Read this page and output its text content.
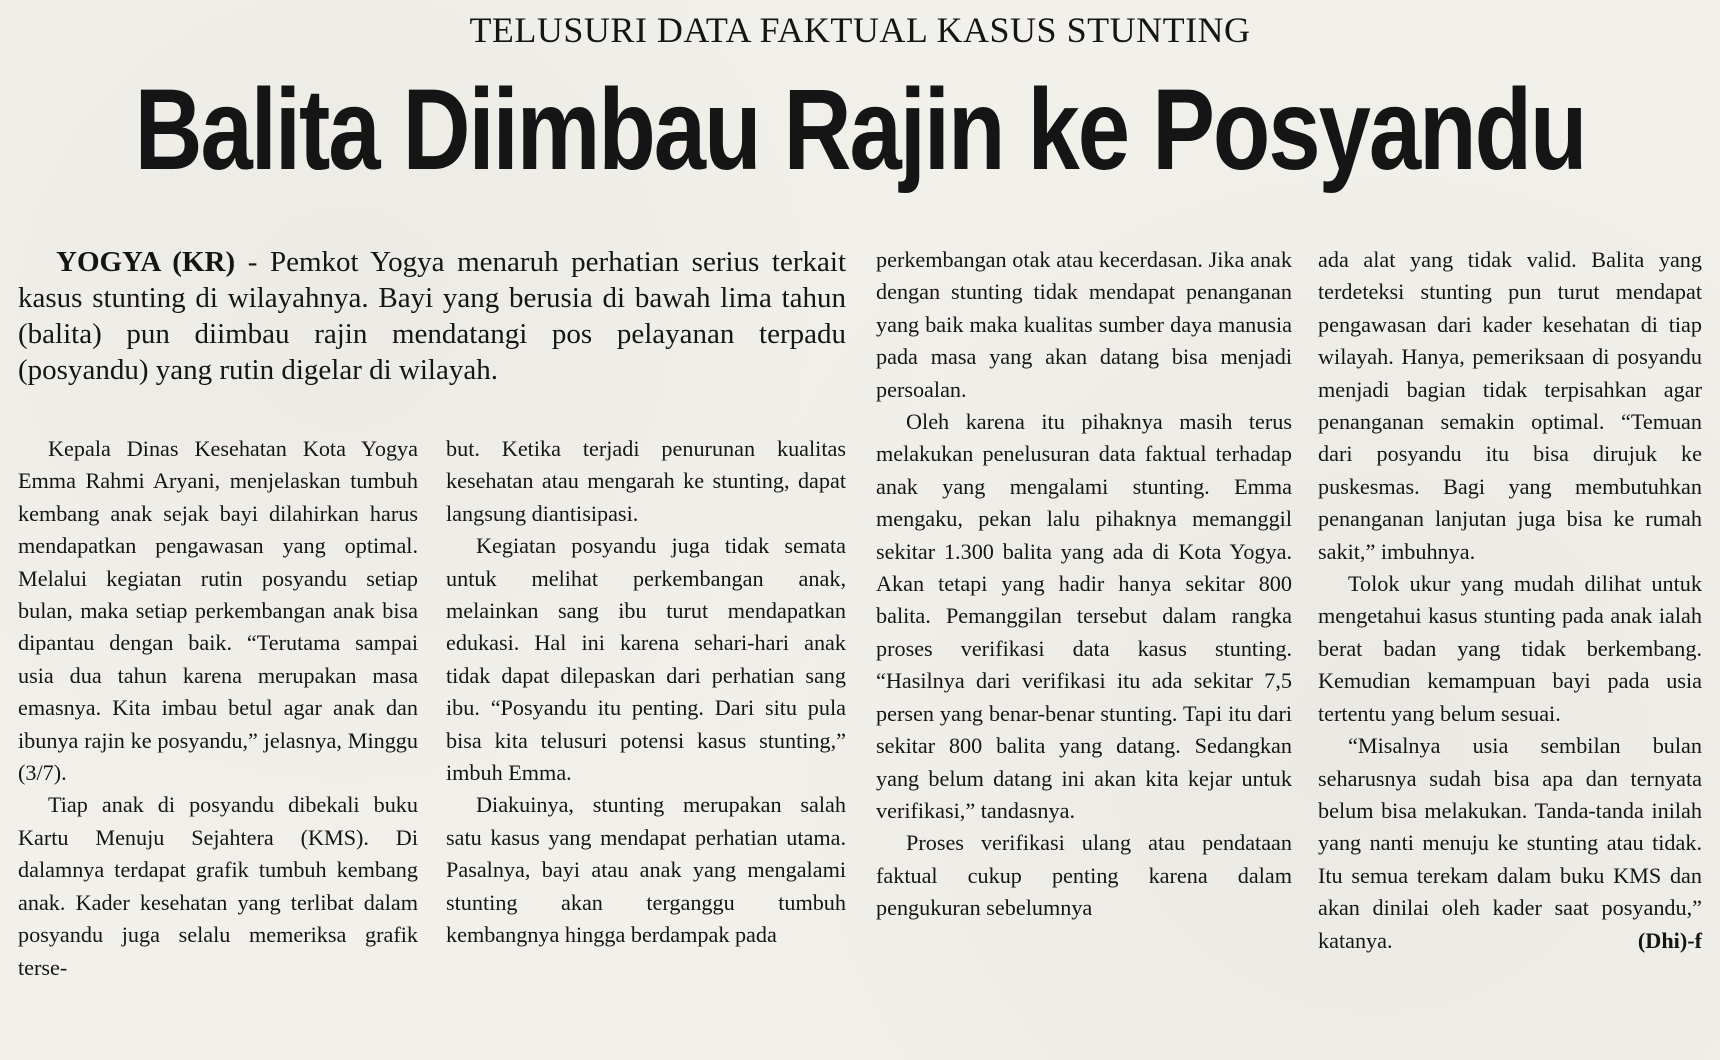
TELUSURI DATA FAKTUAL KASUS STUNTING
Balita Diimbau Rajin ke Posyandu

YOGYA (KR) - Pemkot Yogya menaruh perhatian serius terkait kasus stunting di wilayahnya. Bayi yang berusia di bawah lima tahun (balita) pun diimbau rajin mendatangi pos pelayanan terpadu (posyandu) yang rutin digelar di wilayah.

Kepala Dinas Kesehatan Kota Yogya Emma Rahmi Aryani, menjelaskan tumbuh kembang anak sejak bayi dilahirkan harus mendapatkan pengawasan yang optimal. Melalui kegiatan rutin posyandu setiap bulan, maka setiap perkembangan anak bisa dipantau dengan baik. “Terutama sampai usia dua tahun karena merupakan masa emasnya. Kita imbau betul agar anak dan ibunya rajin ke posyandu,” jelasnya, Minggu (3/7).

Tiap anak di posyandu dibekali buku Kartu Menuju Sejahtera (KMS). Di dalamnya terdapat grafik tumbuh kembang anak. Kader kesehatan yang terlibat dalam posyandu juga selalu memeriksa grafik terse-

but. Ketika terjadi penurunan kualitas kesehatan atau mengarah ke stunting, dapat langsung diantisipasi.

Kegiatan posyandu juga tidak semata untuk melihat perkembangan anak, melainkan sang ibu turut mendapatkan edukasi. Hal ini karena sehari-hari anak tidak dapat dilepaskan dari perhatian sang ibu. “Posyandu itu penting. Dari situ pula bisa kita telusuri potensi kasus stunting,” imbuh Emma.

Diakuinya, stunting merupakan salah satu kasus yang mendapat perhatian utama. Pasalnya, bayi atau anak yang mengalami stunting akan terganggu tumbuh kembangnya hingga berdampak pada

perkembangan otak atau kecerdasan. Jika anak dengan stunting tidak mendapat penanganan yang baik maka kualitas sumber daya manusia pada masa yang akan datang bisa menjadi persoalan.

Oleh karena itu pihaknya masih terus melakukan penelusuran data faktual terhadap anak yang mengalami stunting. Emma mengaku, pekan lalu pihaknya memanggil sekitar 1.300 balita yang ada di Kota Yogya. Akan tetapi yang hadir hanya sekitar 800 balita. Pemanggilan tersebut dalam rangka proses verifikasi data kasus stunting. “Hasilnya dari verifikasi itu ada sekitar 7,5 persen yang benar-benar stunting. Tapi itu dari sekitar 800 balita yang datang. Sedangkan yang belum datang ini akan kita kejar untuk verifikasi,” tandasnya.

Proses verifikasi ulang atau pendataan faktual cukup penting karena dalam pengukuran sebelumnya

ada alat yang tidak valid. Balita yang terdeteksi stunting pun turut mendapat pengawasan dari kader kesehatan di tiap wilayah. Hanya, pemeriksaan di posyandu menjadi bagian tidak terpisahkan agar penanganan semakin optimal. “Temuan dari posyandu itu bisa dirujuk ke puskesmas. Bagi yang membutuhkan penanganan lanjutan juga bisa ke rumah sakit,” imbuhnya.

Tolok ukur yang mudah dilihat untuk mengetahui kasus stunting pada anak ialah berat badan yang tidak berkembang. Kemudian kemampuan bayi pada usia tertentu yang belum sesuai.

“Misalnya usia sembilan bulan seharusnya sudah bisa apa dan ternyata belum bisa melakukan. Tanda-tanda inilah yang nanti menuju ke stunting atau tidak. Itu semua terekam dalam buku KMS dan akan dinilai oleh kader saat posyandu,” katanya.	(Dhi)-f
